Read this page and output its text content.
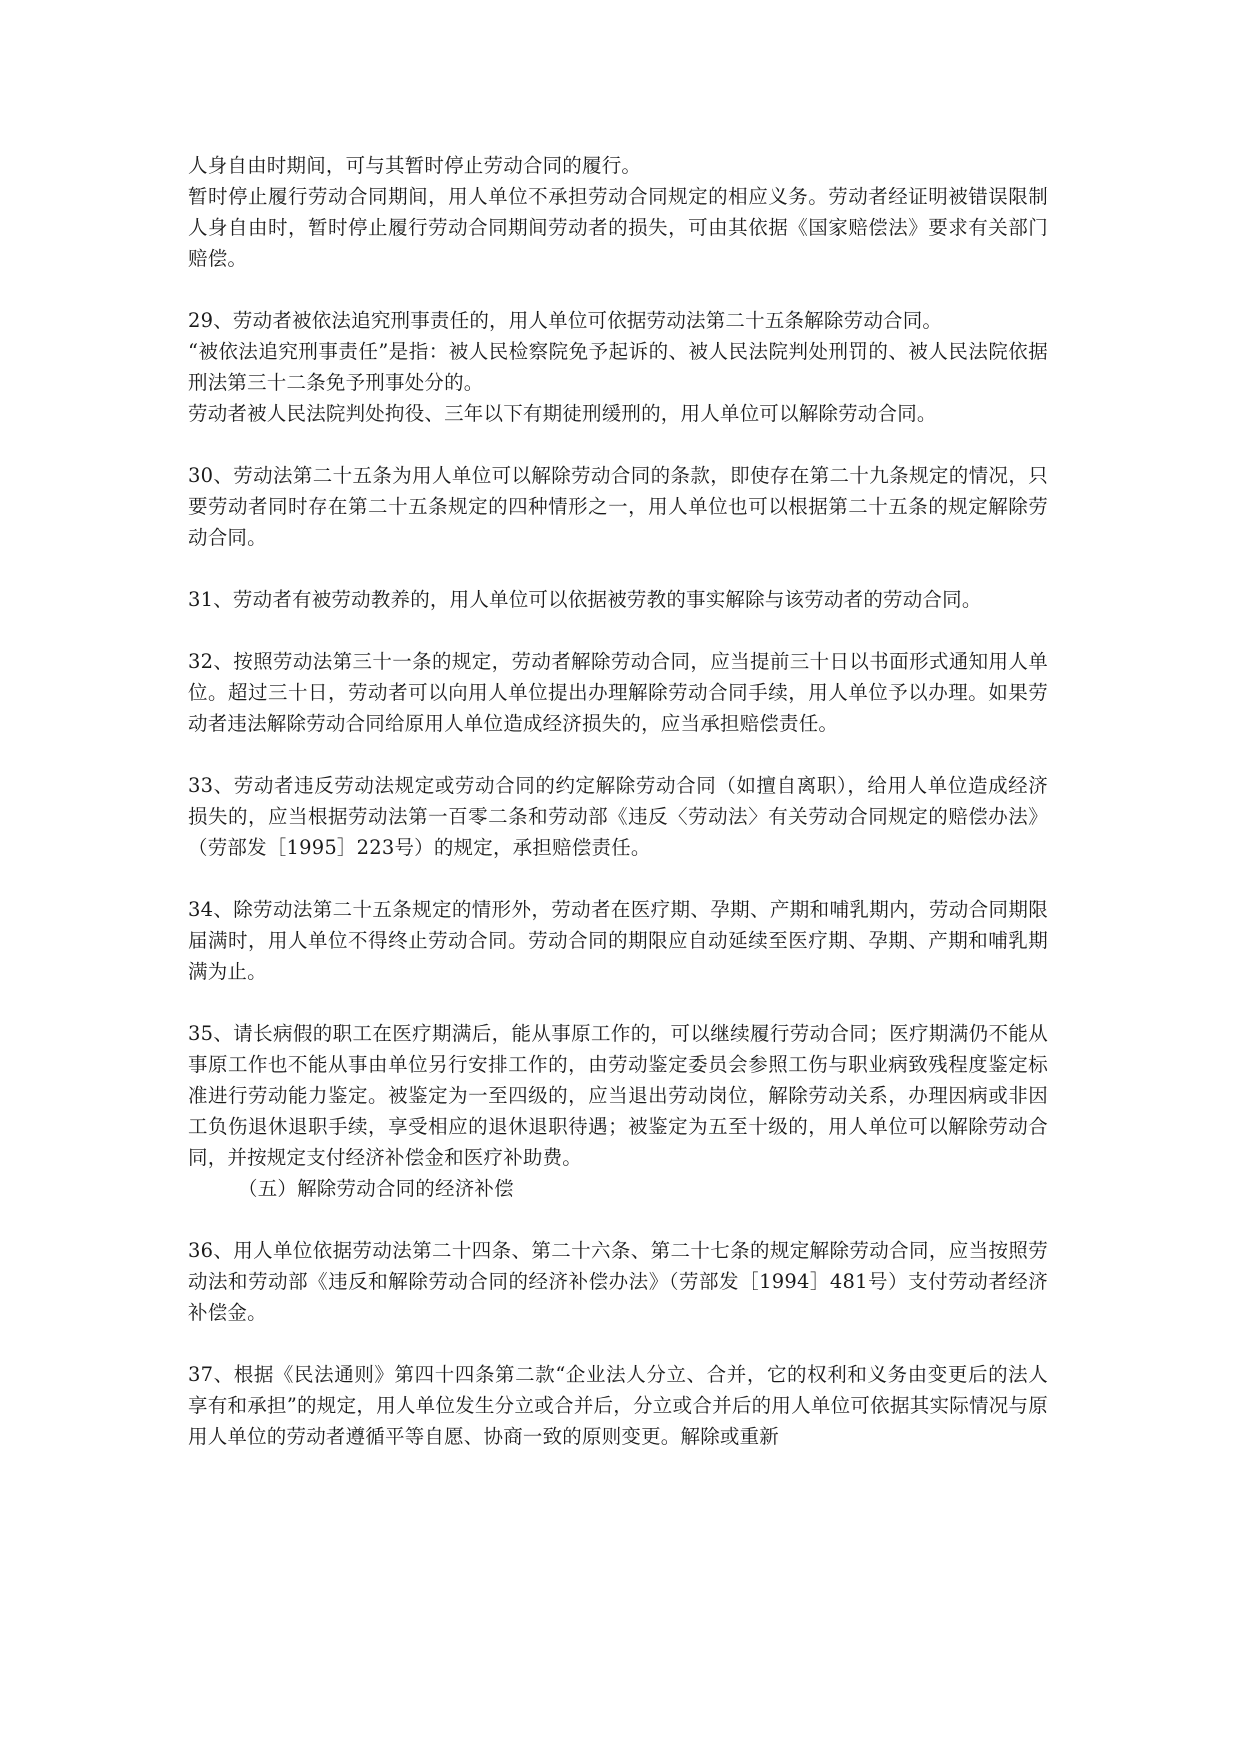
人身自由时期间，可与其暂时停止劳动合同的履行。

暂时停止履行劳动合同期间，用人单位不承担劳动合同规定的相应义务。劳动者经证明被错误限制人身自由时，暂时停止履行劳动合同期间劳动者的损失，可由其依据《国家赔偿法》要求有关部门赔偿。

29、劳动者被依法追究刑事责任的，用人单位可依据劳动法第二十五条解除劳动合同。

“被依法追究刑事责任”是指：被人民检察院免予起诉的、被人民法院判处刑罚的、被人民法院依据刑法第三十二条免予刑事处分的。

劳动者被人民法院判处拘役、三年以下有期徒刑缓刑的，用人单位可以解除劳动合同。

30、劳动法第二十五条为用人单位可以解除劳动合同的条款，即使存在第二十九条规定的情况，只要劳动者同时存在第二十五条规定的四种情形之一，用人单位也可以根据第二十五条的规定解除劳动合同。

31、劳动者有被劳动教养的，用人单位可以依据被劳教的事实解除与该劳动者的劳动合同。

32、按照劳动法第三十一条的规定，劳动者解除劳动合同，应当提前三十日以书面形式通知用人单位。超过三十日，劳动者可以向用人单位提出办理解除劳动合同手续，用人单位予以办理。如果劳动者违法解除劳动合同给原用人单位造成经济损失的，应当承担赔偿责任。

33、劳动者违反劳动法规定或劳动合同的约定解除劳动合同（如擅自离职），给用人单位造成经济损失的，应当根据劳动法第一百零二条和劳动部《违反〈劳动法〉有关劳动合同规定的赔偿办法》（劳部发［1995］223号）的规定，承担赔偿责任。

34、除劳动法第二十五条规定的情形外，劳动者在医疗期、孕期、产期和哺乳期内，劳动合同期限届满时，用人单位不得终止劳动合同。劳动合同的期限应自动延续至医疗期、孕期、产期和哺乳期满为止。

35、请长病假的职工在医疗期满后，能从事原工作的，可以继续履行劳动合同；医疗期满仍不能从事原工作也不能从事由单位另行安排工作的，由劳动鉴定委员会参照工伤与职业病致残程度鉴定标准进行劳动能力鉴定。被鉴定为一至四级的，应当退出劳动岗位，解除劳动关系，办理因病或非因工负伤退休退职手续，享受相应的退休退职待遇；被鉴定为五至十级的，用人单位可以解除劳动合同，并按规定支付经济补偿金和医疗补助费。

（五）解除劳动合同的经济补偿

36、用人单位依据劳动法第二十四条、第二十六条、第二十七条的规定解除劳动合同，应当按照劳动法和劳动部《违反和解除劳动合同的经济补偿办法》（劳部发［1994］481号）支付劳动者经济补偿金。

37、根据《民法通则》第四十四条第二款“企业法人分立、合并，它的权利和义务由变更后的法人享有和承担”的规定，用人单位发生分立或合并后，分立或合并后的用人单位可依据其实际情况与原用人单位的劳动者遵循平等自愿、协商一致的原则变更。解除或重新
